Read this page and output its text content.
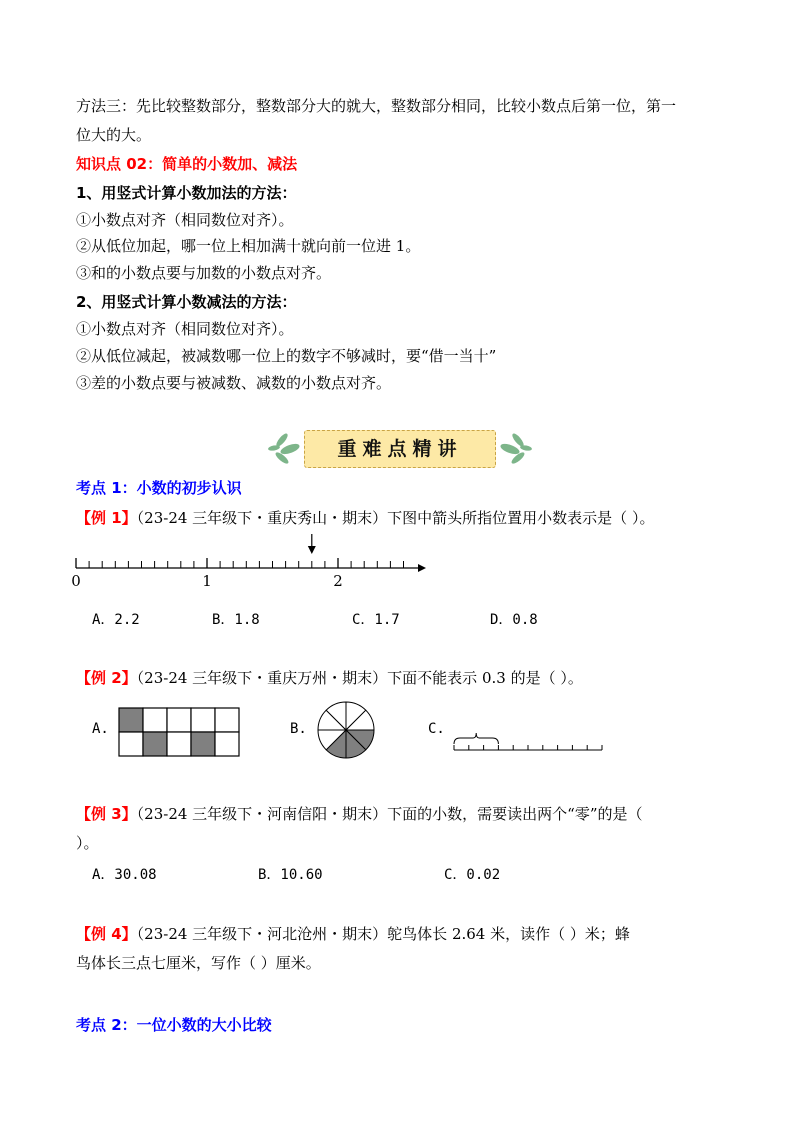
方法三：先比较整数部分，整数部分大的就大，整数部分相同，比较小数点后第一位，第一
位大的大。
知识点 02：简单的小数加、减法
1、用竖式计算小数加法的方法：
①小数点对齐（相同数位对齐）。
②从低位加起，哪一位上相加满十就向前一位进 1。
③和的小数点要与加数的小数点对齐。
2、用竖式计算小数减法的方法：
①小数点对齐（相同数位对齐）。
②从低位减起，被减数哪一位上的数字不够减时，要“借一当十”
③差的小数点要与被减数、减数的小数点对齐。
重难点精讲
考点 1：小数的初步认识
【例 1】（23-24 三年级下・重庆秀山・期末）下图中箭头所指位置用小数表示是（ ）。
0	1	2
A．2.2	B．1.8	C．1.7	D．0.8
【例 2】（23-24 三年级下・重庆万州・期末）下面不能表示 0.3 的是（ ）。
A.	B.	C.
【例 3】（23-24 三年级下・河南信阳・期末）下面的小数，需要读出两个“零”的是（
）。
A．30.08	B．10.60	C．0.02
【例 4】（23-24 三年级下・河北沧州・期末）鸵鸟体长 2.64 米，读作（ ）米；蜂
鸟体长三点七厘米，写作（ ）厘米。
考点 2：一位小数的大小比较
